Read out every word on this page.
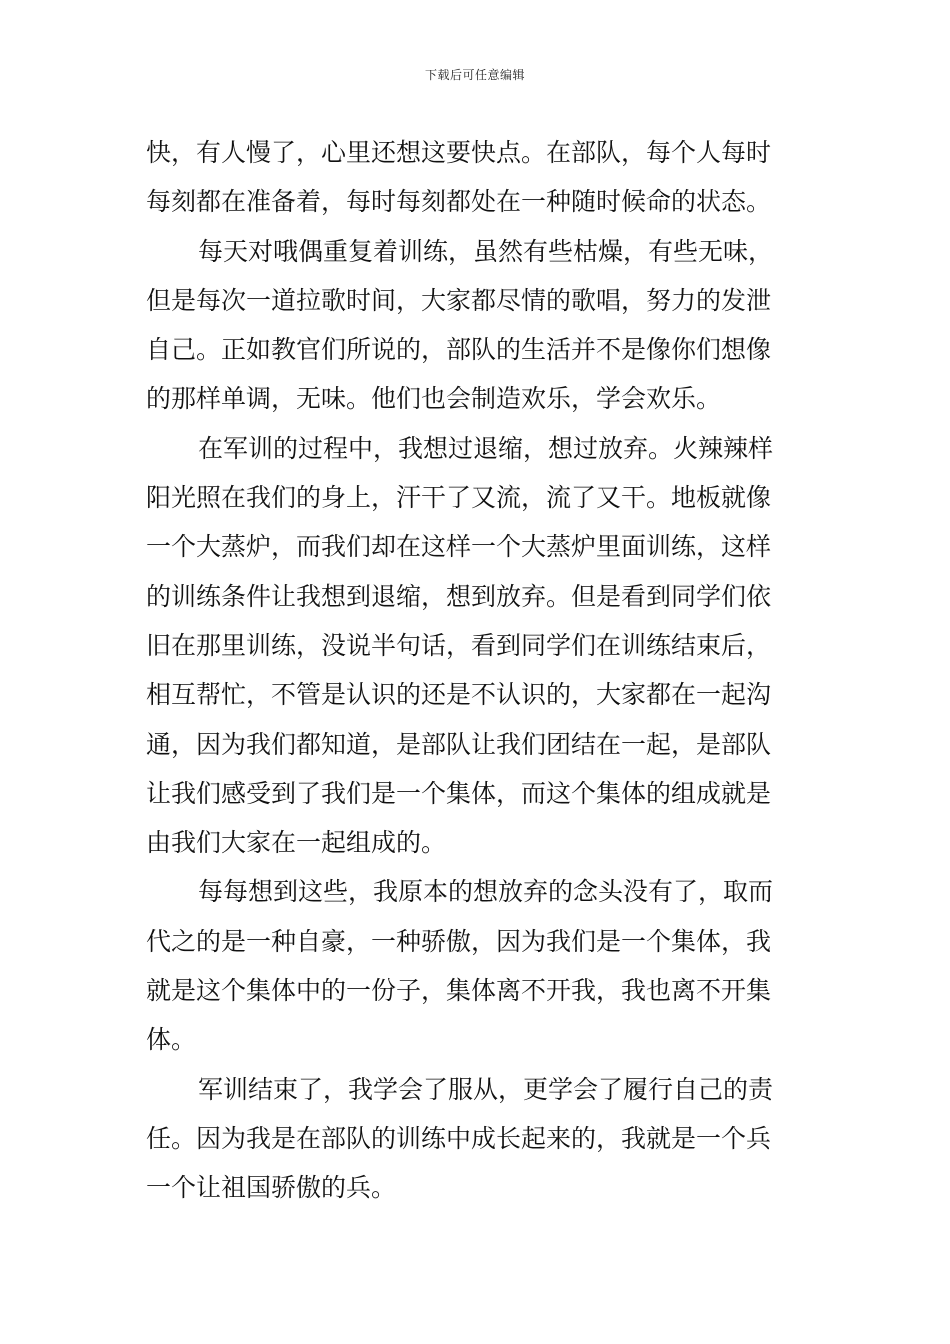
下载后可任意编辑
快，有人慢了，心里还想这要快点。在部队，每个人每时
每刻都在准备着，每时每刻都处在一种随时候命的状态。
每天对哦偶重复着训练，虽然有些枯燥，有些无味，
但是每次一道拉歌时间，大家都尽情的歌唱，努力的发泄
自己。正如教官们所说的，部队的生活并不是像你们想像
的那样单调，无味。他们也会制造欢乐，学会欢乐。
在军训的过程中，我想过退缩，想过放弃。火辣辣样
阳光照在我们的身上，汗干了又流，流了又干。地板就像
一个大蒸炉，而我们却在这样一个大蒸炉里面训练，这样
的训练条件让我想到退缩，想到放弃。但是看到同学们依
旧在那里训练，没说半句话，看到同学们在训练结束后，
相互帮忙，不管是认识的还是不认识的，大家都在一起沟
通，因为我们都知道，是部队让我们团结在一起，是部队
让我们感受到了我们是一个集体，而这个集体的组成就是
由我们大家在一起组成的。
每每想到这些，我原本的想放弃的念头没有了，取而
代之的是一种自豪，一种骄傲，因为我们是一个集体，我
就是这个集体中的一份子，集体离不开我，我也离不开集
体。
军训结束了，我学会了服从，更学会了履行自己的责
任。因为我是在部队的训练中成长起来的，我就是一个兵
一个让祖国骄傲的兵。
